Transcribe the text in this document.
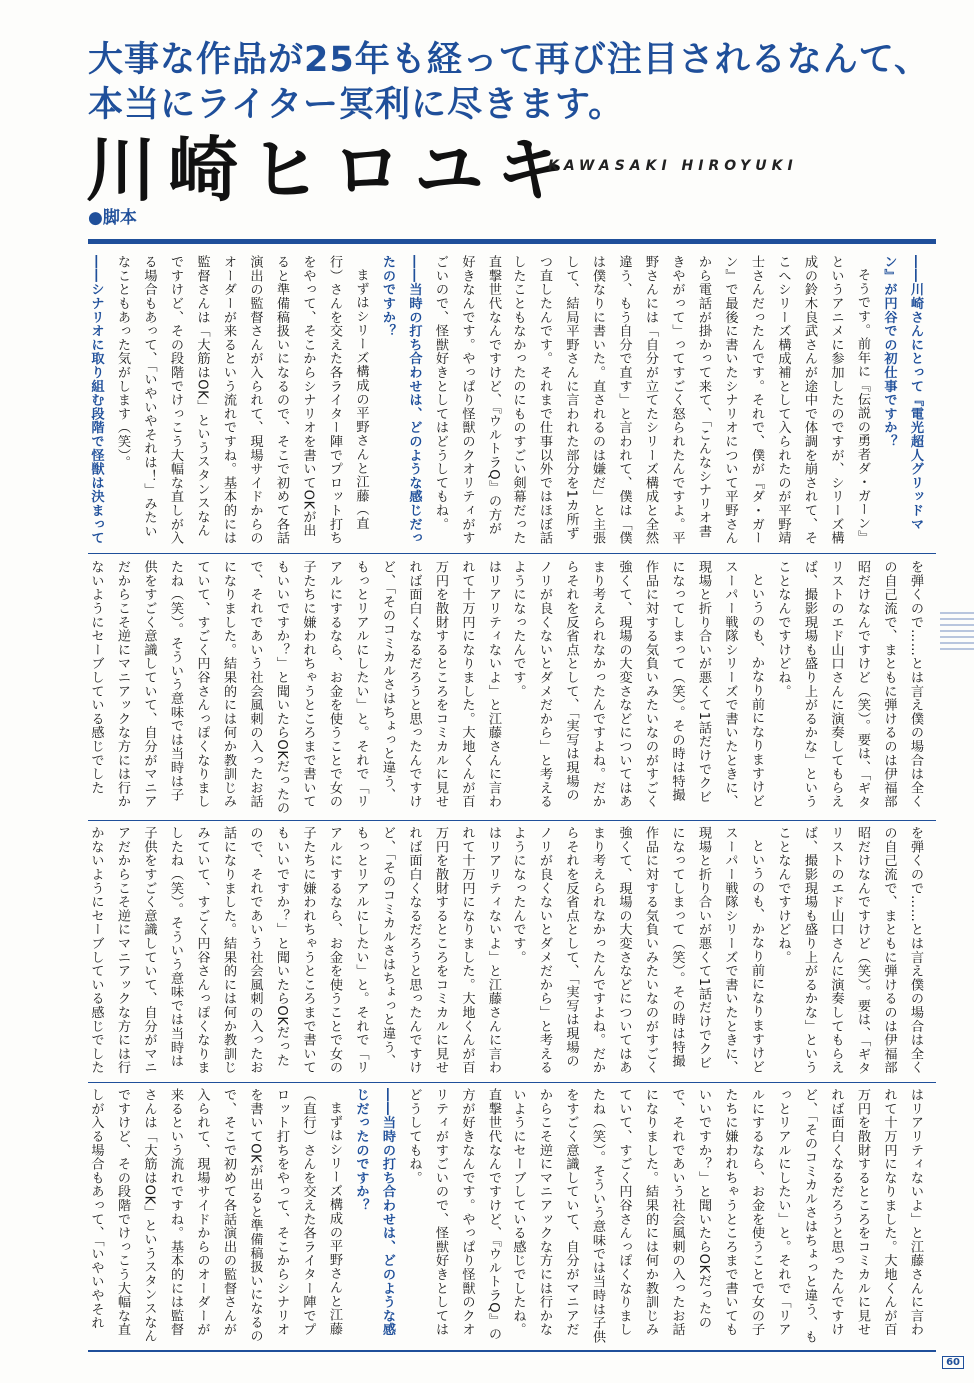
大事な作品が25年も経って再び注目されるなんて、
本当にライター冥利に尽きます。
川崎ヒロユキ
KAWASAKI HIROYUKI
●脚本

――川崎さんにとって『電光超人グリッドマン』が円谷での初仕事ですか？

そうです。前年に『伝説の勇者ダ・ガーン』というアニメに参加したのですが、シリーズ構成の鈴木良武さんが途中で体調を崩されて、そこへシリーズ構成補として入られたのが平野靖士さんだったんです。それで、僕が『ダ・ガーン』で最後に書いたシナリオについて平野さんから電話が掛かって来て、「こんなシナリオ書きやがって」ってすごく怒られたんですよ。平野さんには「自分が立てたシリーズ構成と全然違う、もう自分で直す」と言われて、僕は「僕は僕なりに書いた。直されるのは嫌だ」と主張して、結局平野さんに言われた部分を1カ所ずつ直したんです。それまで仕事以外ではほぼ話したこともなかったのにものすごい剣幕だった

直撃世代なんですけど、『ウルトラQ』の方が好きなんです。やっぱり怪獣のクオリティがすごいので、怪獣好きとしてはどうしてもね。

――当時の打ち合わせは、どのような感じだったのですか？

まずはシリーズ構成の平野さんと江藤（直行）さんを交えた各ライター陣でプロット打ちをやって、そこからシナリオを書いてOKが出ると準備稿扱いになるので、そこで初めて各話演出の監督さんが入られて、現場サイドからのオーダーが来るという流れですね。基本的には監督さんは「大筋はOK」というスタンスなんですけど、その段階でけっこう大幅な直しが入る場合もあって、「いやいやそれは！」みたいなこともあった気がします（笑）。

――シナリオに取り組む段階で怪獣は決まって

を弾くので……とは言え僕の場合は全くの自己流で、まともに弾けるのは伊福部昭だけなんですけど（笑）。要は、「ギタリストのエド山口さんに演奏してもらえば、撮影現場も盛り上がるかな」ということなんですけどね。

というのも、かなり前になりますけどスーパー戦隊シリーズで書いたときに、現場と折り合いが悪くて1話だけでクビになってしまって（笑）。その時は特撮作品に対する気負いみたいなのがすごく強くて、現場の大変さなどについてはあまり考えられなかったんですよね。だからそれを反省点として、「実写は現場のノリが良くないとダメだから」と考えるようになったんです。

はリアリティないよ」と江藤さんに言われて十万円になりました。大地くんが百万円を散財するところをコミカルに見せれば面白くなるだろうと思ったんですけど、「そのコミカルさはちょっと違う、もっとリアルにしたい」と。それで「リアルにするなら、お金を使うことで女の子たちに嫌われちゃうところまで書いてもいいですか？」と聞いたらOKだったので、それであいう社会風刺の入ったお話になりました。結果的には何か教訓じみていて、すごく円谷さんっぽくなりましたね（笑）。そういう意味では当時は子供をすごく意識していて、自分がマニアだからこそ逆にマニアックな方には行かないようにセーブしている感じでした

を弾くので……とは言え僕の場合は全くの自己流で、まともに弾けるのは伊福部昭だけなんですけど（笑）。要は、「ギタリストのエド山口さんに演奏してもらえば、撮影現場も盛り上がるかな」ということなんですけどね。

というのも、かなり前になりますけどスーパー戦隊シリーズで書いたときに、現場と折り合いが悪くて1話だけでクビになってしまって（笑）。その時は特撮作品に対する気負いみたいなのがすごく強くて、現場の大変さなどについてはあまり考えられなかったんですよね。だからそれを反省点として、「実写は現場のノリが良くないとダメだから」と考えるようになったんです。

はリアリティないよ」と江藤さんに言われて十万円になりました。大地くんが百万円を散財するところをコミカルに見せれば面白くなるだろうと思ったんですけど、「そのコミカルさはちょっと違う、もっとリアルにしたい」と。それで「リアルにするなら、お金を使うことで女の子たちに嫌われちゃうところまで書いてもいいですか？」と聞いたらOKだったので、それであいう社会風刺の入ったお話になりました。結果的には何か教訓じみていて、すごく円谷さんっぽくなりましたね（笑）。そういう意味では当時は子供をすごく意識していて、自分がマニアだからこそ逆にマニアックな方には行かないようにセーブしている感じでした

はリアリティないよ」と江藤さんに言われて十万円になりました。大地くんが百万円を散財するところをコミカルに見せれば面白くなるだろうと思ったんですけど、「そのコミカルさはちょっと違う、もっとリアルにしたい」と。それで「リアルにするなら、お金を使うことで女の子たちに嫌われちゃうところまで書いてもいいですか？」と聞いたらOKだったので、それであいう社会風刺の入ったお話になりました。結果的には何か教訓じみていて、すごく円谷さんっぽくなりましたね（笑）。そういう意味では当時は子供をすごく意識していて、自分がマニアだからこそ逆にマニアックな方には行かないようにセーブしている感じでしたね。

直撃世代なんですけど、『ウルトラQ』の方が好きなんです。やっぱり怪獣のクオリティがすごいので、怪獣好きとしてはどうしてもね。

――当時の打ち合わせは、どのような感じだったのですか？

まずはシリーズ構成の平野さんと江藤（直行）さんを交えた各ライター陣でプロット打ちをやって、そこからシナリオを書いてOKが出ると準備稿扱いになるので、そこで初めて各話演出の監督さんが入られて、現場サイドからのオーダーが来るという流れですね。基本的には監督さんは「大筋はOK」というスタンスなんですけど、その段階でけっこう大幅な直しが入る場合もあって、「いやいやそれ

60
